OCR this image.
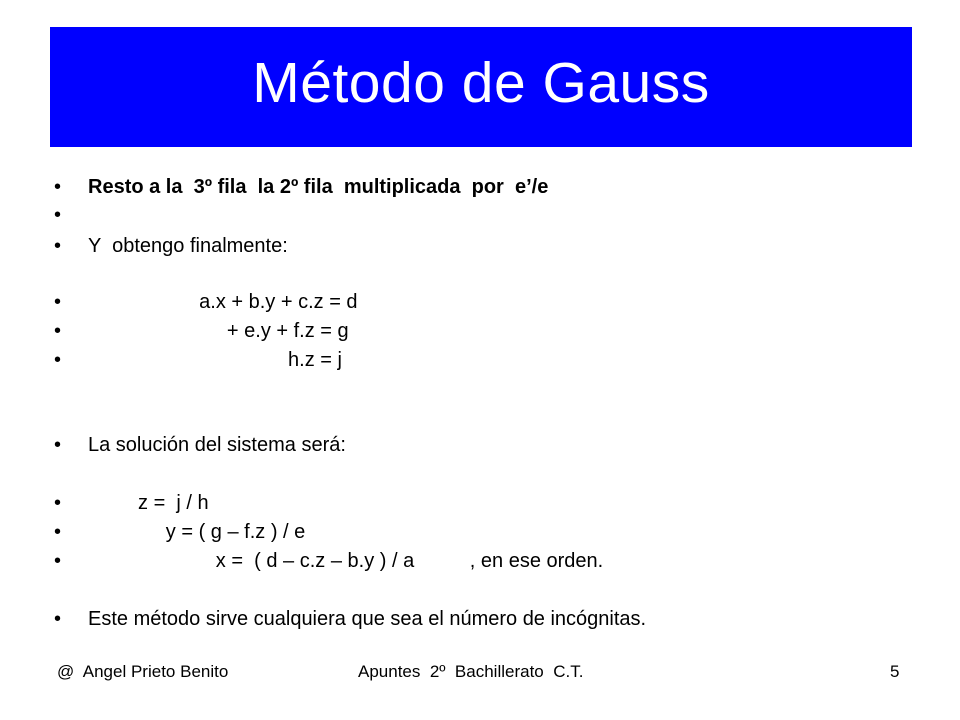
Método de Gauss

•

Resto a la  3º fila  la 2º fila  multiplicada  por  e’/e

•

•

Y  obtengo finalmente:

•

a.x + b.y + c.z = d

•

+ e.y + f.z = g

•

h.z = j

•

La solución del sistema será:

•

z =  j / h

•

y = ( g – f.z ) / e

•

x =  ( d – c.z – b.y ) / a          , en ese orden.

•

Este método sirve cualquiera que sea el número de incógnitas.

@  Angel Prieto Benito	Apuntes  2º  Bachillerato  C.T.	5
